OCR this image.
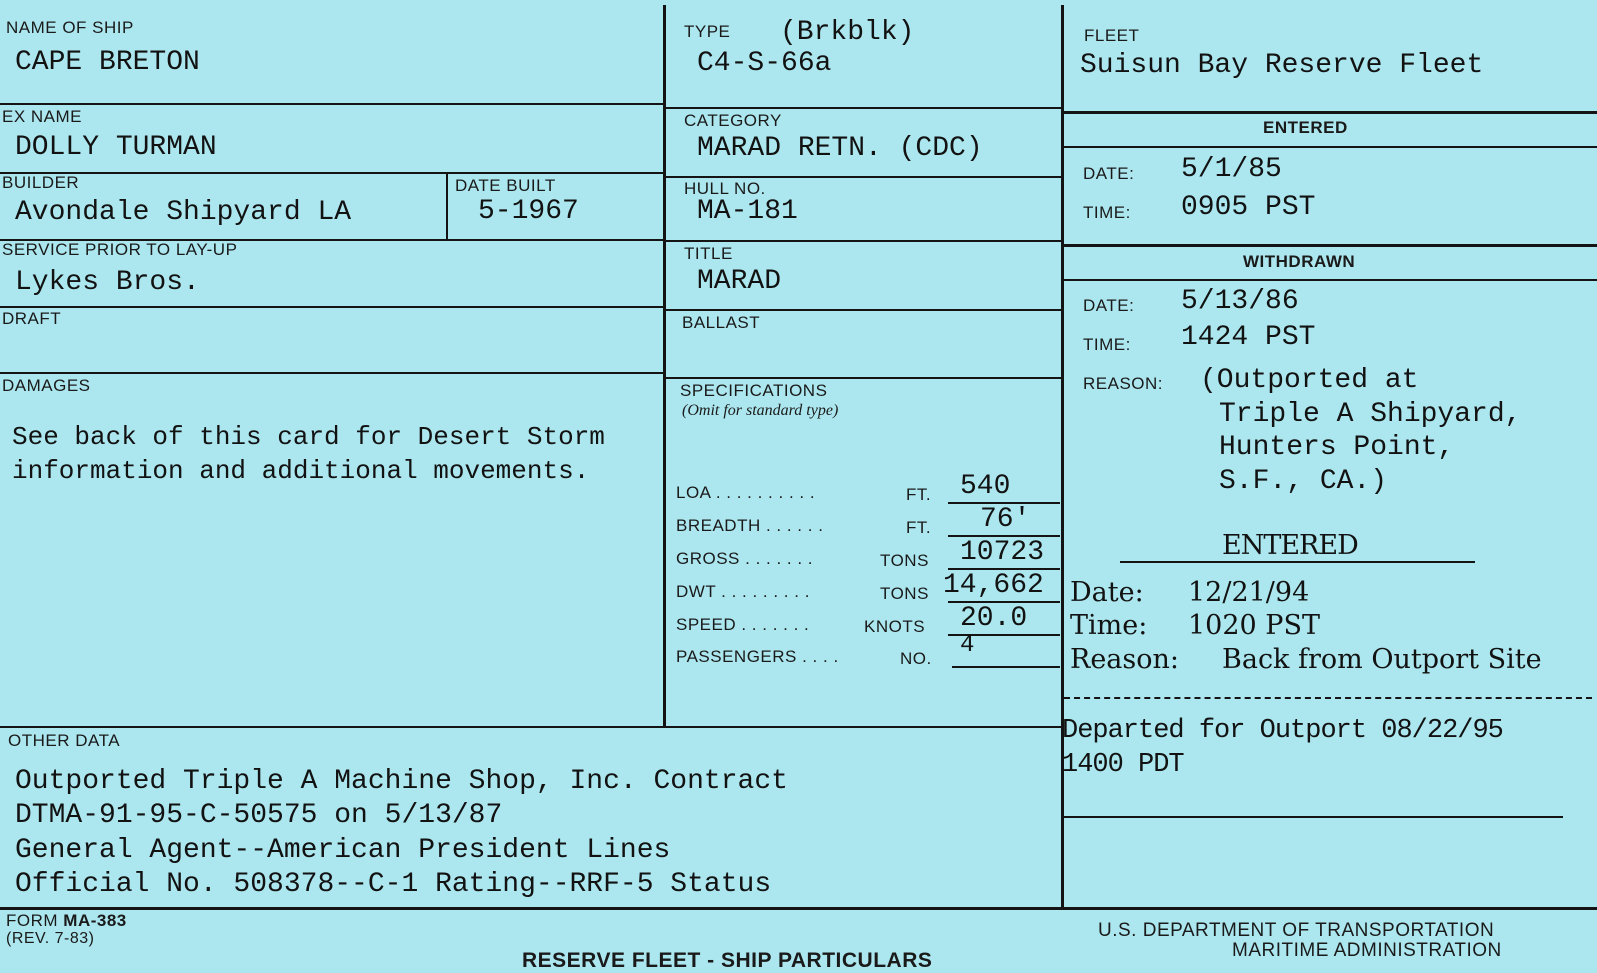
NAME OF SHIP
CAPE BRETON
TYPE (Brkblk)
C4-S-66a
FLEET
Suisun Bay Reserve Fleet
EX NAME
DOLLY TURMAN
CATEGORY
MARAD RETN. (CDC)
ENTERED
DATE: 5/1/85
TIME: 0905 PST
BUILDER
Avondale Shipyard LA
DATE BUILT
5-1967
HULL NO.
MA-181
SERVICE PRIOR TO LAY-UP
Lykes Bros.
TITLE
MARAD
WITHDRAWN
DATE: 5/13/86
TIME: 1424 PST
REASON: (Outported at
Triple A Shipyard,
Hunters Point,
S.F., CA.)
DRAFT	BALLAST
DAMAGES
See back of this card for Desert Storm
information and additional movements.
SPECIFICATIONS
(Omit for standard type)
LOA . . . . . . . . . .	FT. 540
BREADTH . . . . . .	FT. 76'
GROSS . . . . . . .	TONS 10723
DWT . . . . . . . . .	TONS 14,662
SPEED . . . . . . .	KNOTS 20.0
PASSENGERS . . . .	NO. 4
ENTERED
Date: 12/21/94
Time: 1020 PST
Reason: Back from Outport Site
Departed for Outport 08/22/95
1400 PDT
OTHER DATA
Outported Triple A Machine Shop, Inc. Contract
DTMA-91-95-C-50575 on 5/13/87
General Agent--American President Lines
Official No. 508378--C-1 Rating--RRF-5 Status
FORM MA-383
(REV. 7-83)	U.S. DEPARTMENT OF TRANSPORTATION
MARITIME ADMINISTRATION
RESERVE FLEET - SHIP PARTICULARS
